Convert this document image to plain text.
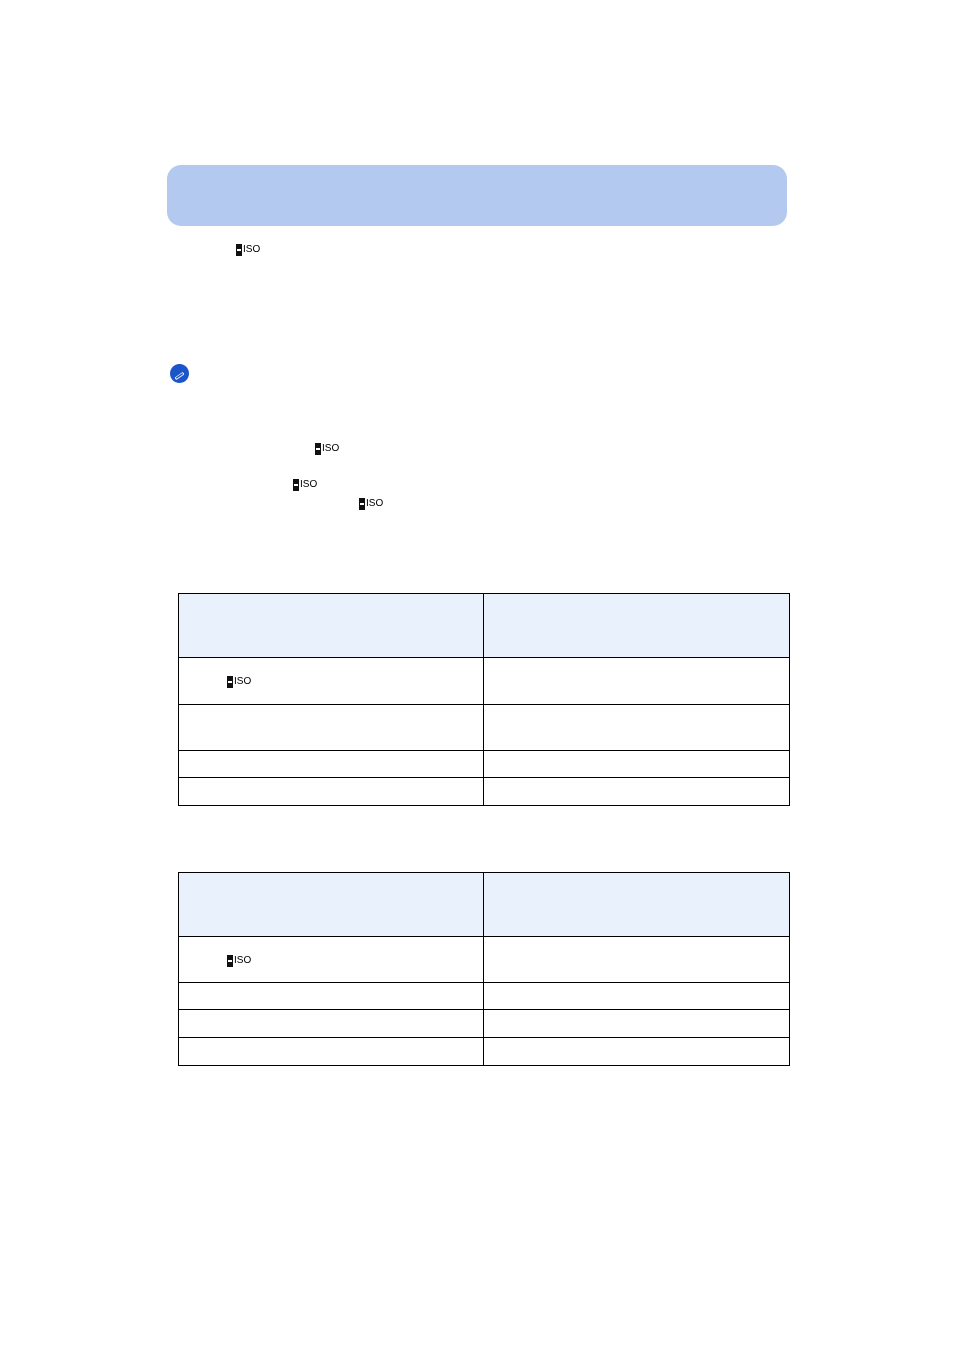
ISO
ISO
ISO
ISO

ISO	

ISO	
